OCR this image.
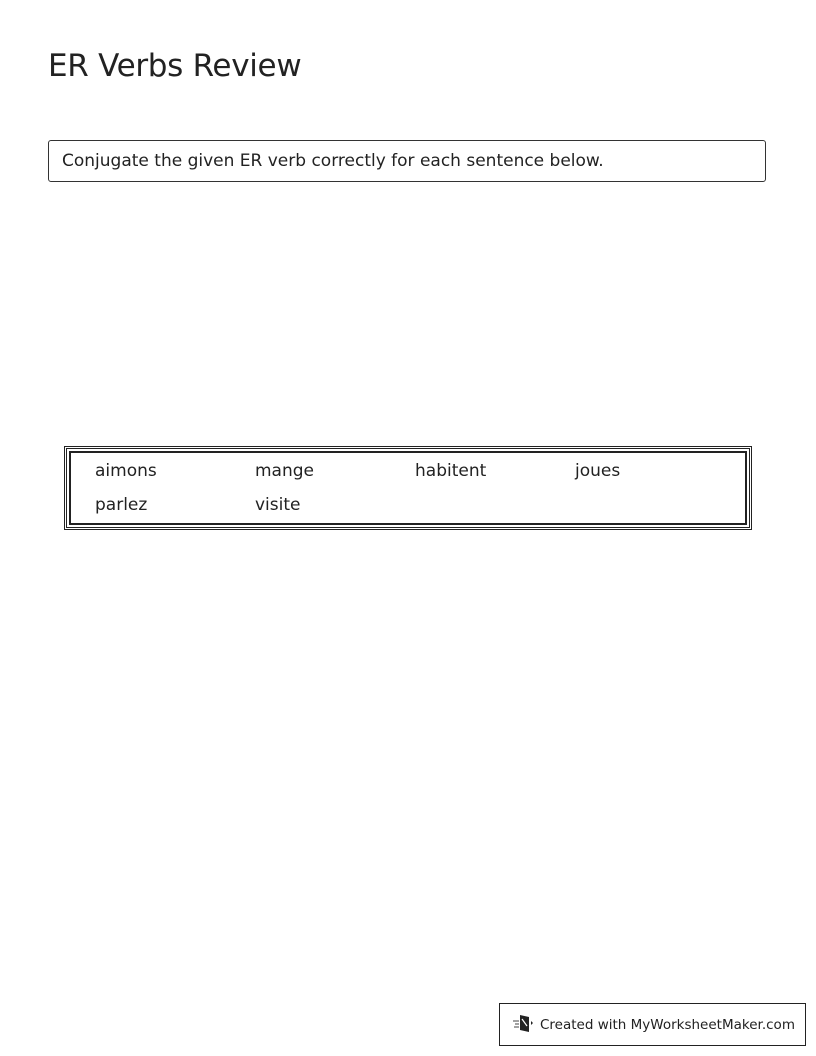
ER Verbs Review
Conjugate the given ER verb correctly for each sentence below.
aimons	mange	habitent	joues
parlez	visite
Created with MyWorksheetMaker.com
